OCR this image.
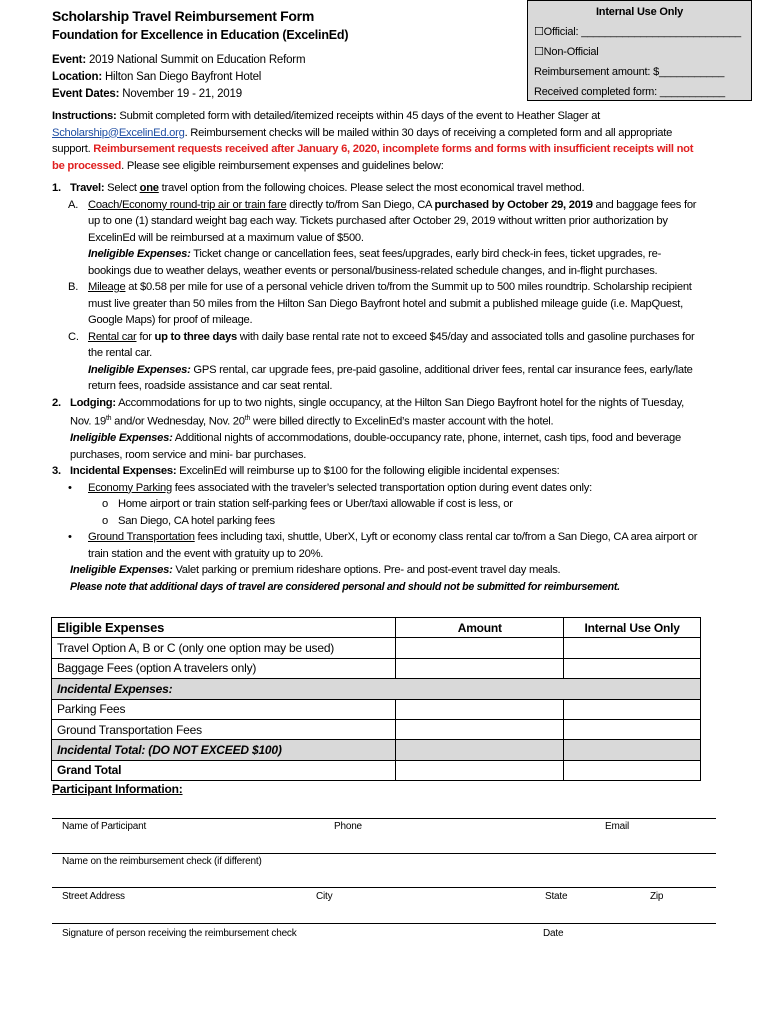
Scholarship Travel Reimbursement Form
Foundation for Excellence in Education (ExcelinEd)
Event: 2019 National Summit on Education Reform
Location: Hilton San Diego Bayfront Hotel
Event Dates: November 19 - 21, 2019
Internal Use Only
☐Official: ___________________________
☐Non-Official
Reimbursement amount: $___________
Received completed form: ___________

Instructions: Submit completed form with detailed/itemized receipts within 45 days of the event to Heather Slager at Scholarship@ExcelinEd.org. Reimbursement checks will be mailed within 30 days of receiving a completed form and all appropriate support. Reimbursement requests received after January 6, 2020, incomplete forms and forms with insufficient receipts will not be processed. Please see eligible reimbursement expenses and guidelines below:

1. Travel: Select one travel option from the following choices. Please select the most economical travel method.
A. Coach/Economy round-trip air or train fare directly to/from San Diego, CA purchased by October 29, 2019 and baggage fees for up to one (1) standard weight bag each way. Tickets purchased after October 29, 2019 without written prior authorization by ExcelinEd will be reimbursed at a maximum value of $500.
Ineligible Expenses: Ticket change or cancellation fees, seat fees/upgrades, early bird check-in fees, ticket upgrades, re-bookings due to weather delays, weather events or personal/business-related schedule changes, and in-flight purchases.
B. Mileage at $0.58 per mile for use of a personal vehicle driven to/from the Summit up to 500 miles roundtrip. Scholarship recipient must live greater than 50 miles from the Hilton San Diego Bayfront hotel and submit a published mileage guide (i.e. MapQuest, Google Maps) for proof of mileage.
C. Rental car for up to three days with daily base rental rate not to exceed $45/day and associated tolls and gasoline purchases for the rental car.
Ineligible Expenses: GPS rental, car upgrade fees, pre-paid gasoline, additional driver fees, rental car insurance fees, early/late return fees, roadside assistance and car seat rental.
2. Lodging: Accommodations for up to two nights, single occupancy, at the Hilton San Diego Bayfront hotel for the nights of Tuesday, Nov. 19th and/or Wednesday, Nov. 20th were billed directly to ExcelinEd’s master account with the hotel.
Ineligible Expenses: Additional nights of accommodations, double-occupancy rate, phone, internet, cash tips, food and beverage purchases, room service and mini- bar purchases.
3. Incidental Expenses: ExcelinEd will reimburse up to $100 for the following eligible incidental expenses:
• Economy Parking fees associated with the traveler’s selected transportation option during event dates only:
o Home airport or train station self-parking fees or Uber/taxi allowable if cost is less, or
o San Diego, CA hotel parking fees
• Ground Transportation fees including taxi, shuttle, UberX, Lyft or economy class rental car to/from a San Diego, CA area airport or train station and the event with gratuity up to 20%.
Ineligible Expenses: Valet parking or premium rideshare options. Pre- and post-event travel day meals.
Please note that additional days of travel are considered personal and should not be submitted for reimbursement.
Eligible Expenses	Amount	Internal Use Only
Travel Option A, B or C (only one option may be used)		
Baggage Fees (option A travelers only)		
Incidental Expenses:		
Parking Fees		
Ground Transportation Fees		
Incidental Total: (DO NOT EXCEED $100)		
Grand Total		
Participant Information:
Name of Participant	Phone	Email
Name on the reimbursement check (if different)
Street Address	City	State	Zip
Signature of person receiving the reimbursement check	Date
